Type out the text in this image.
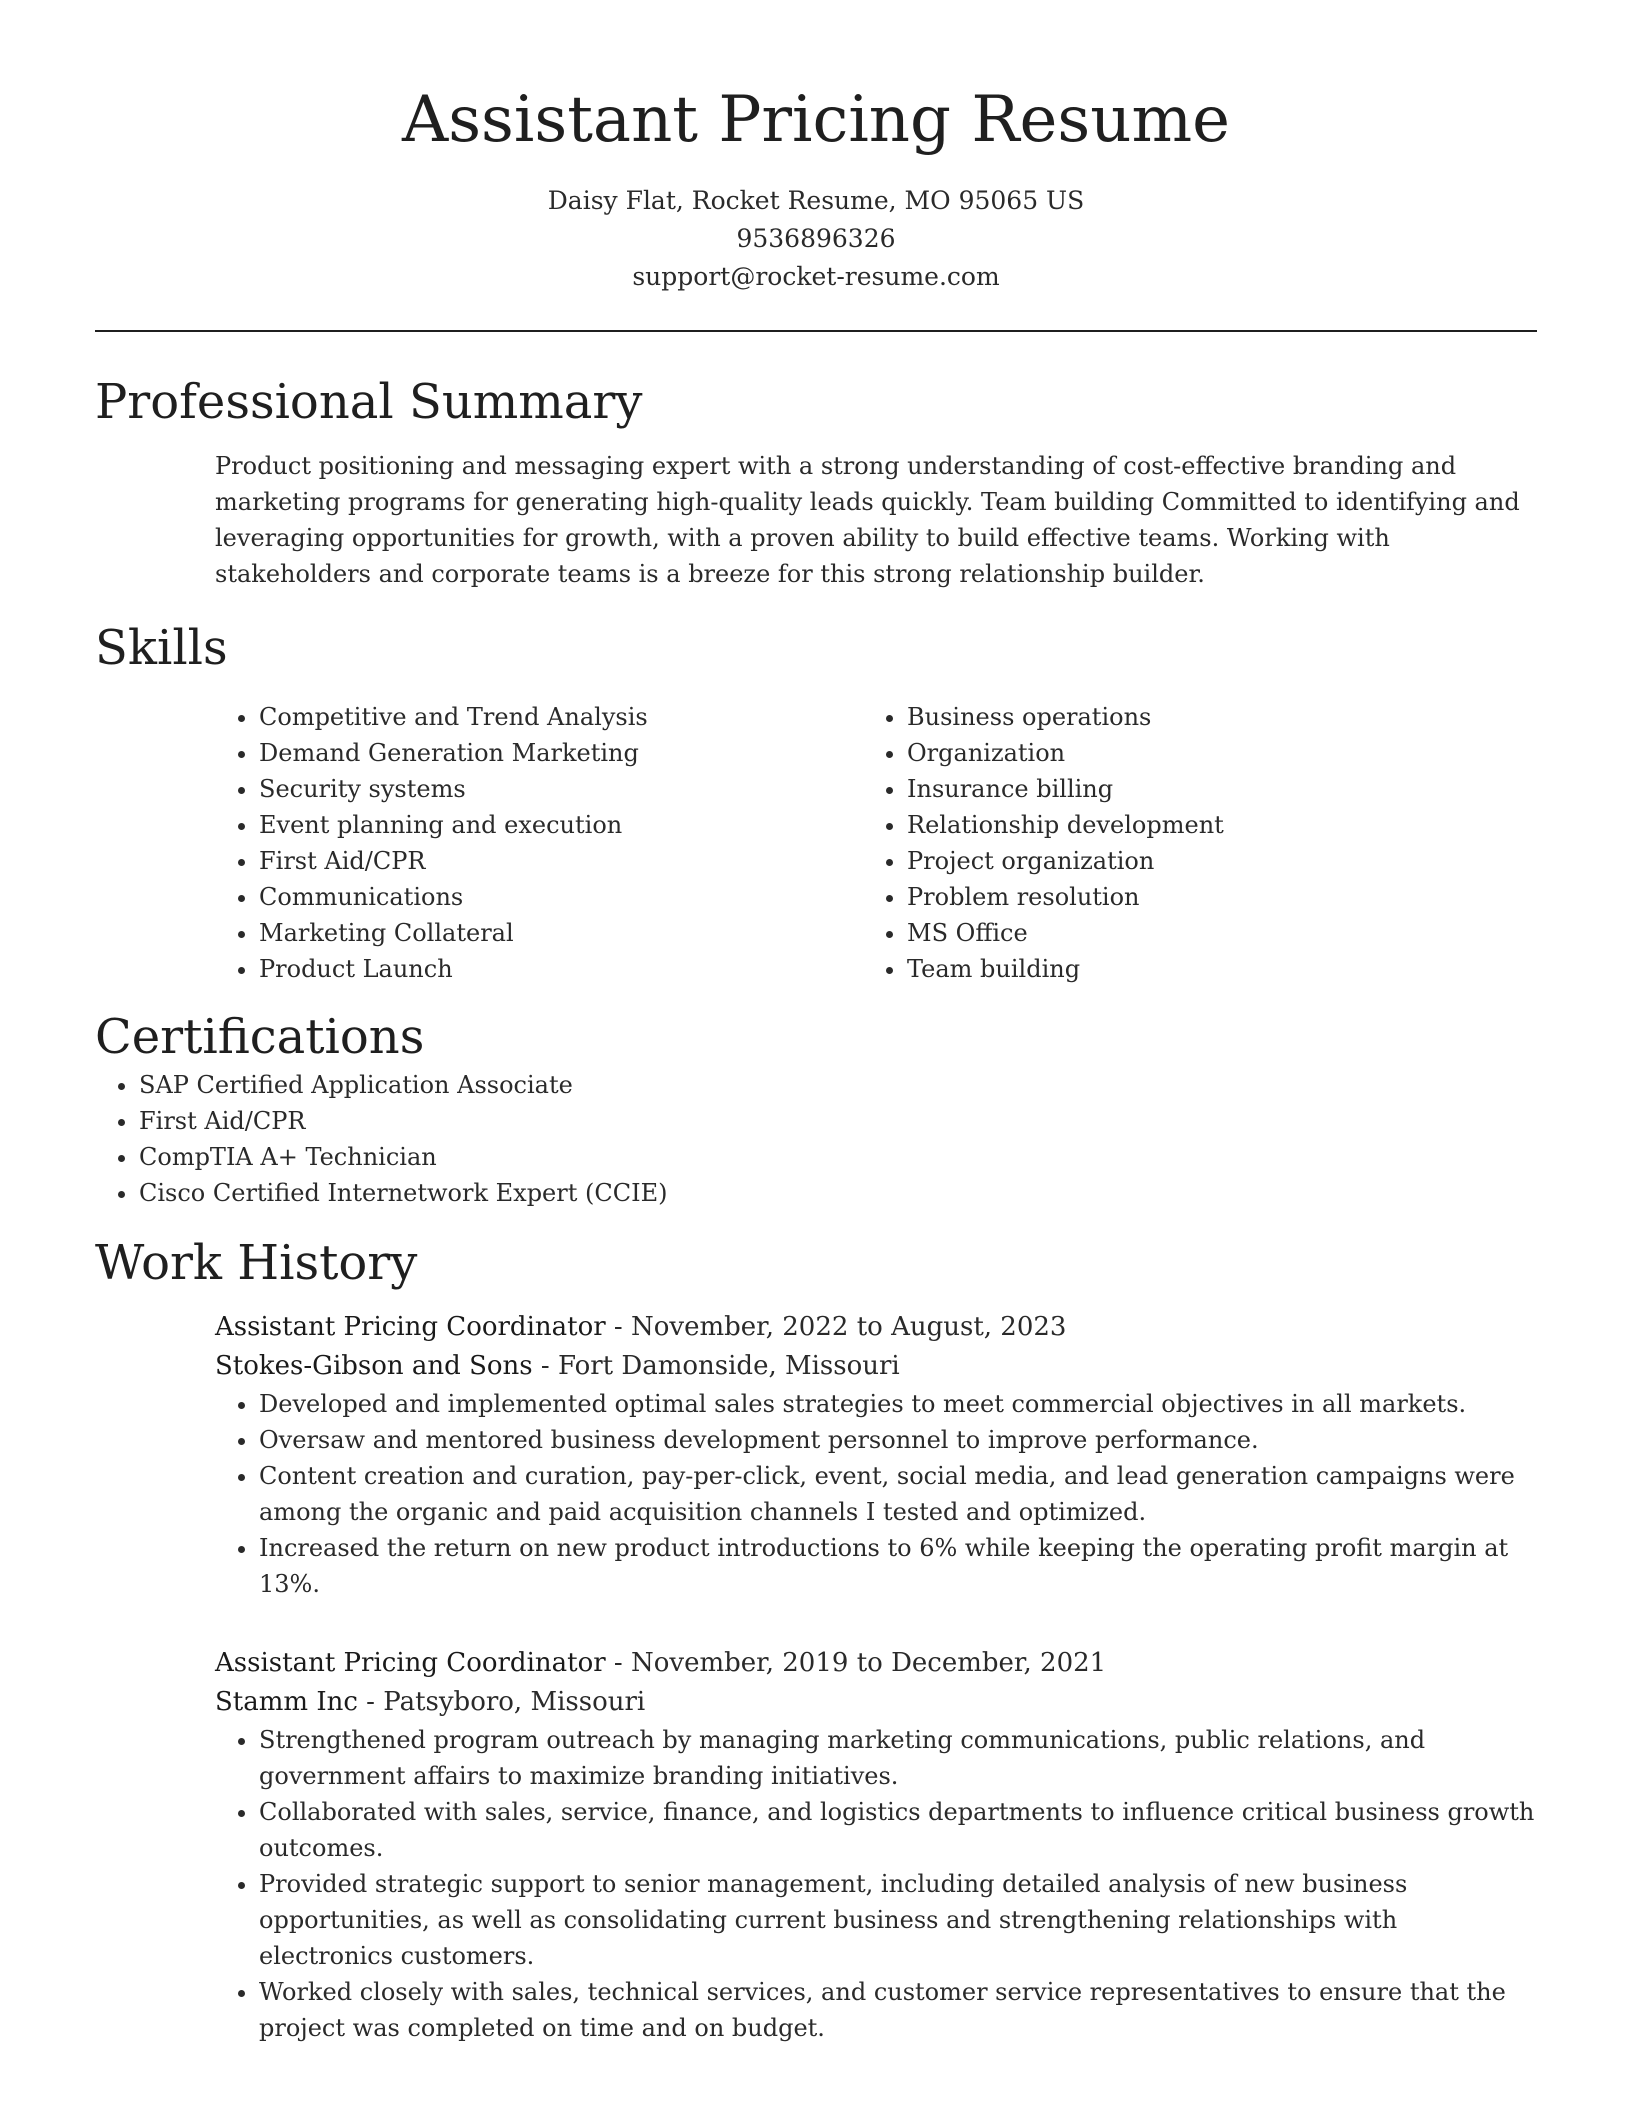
Assistant Pricing Resume
Daisy Flat, Rocket Resume, MO 95065 US
9536896326
support@rocket-resume.com
Professional Summary

Product positioning and messaging expert with a strong understanding of cost-effective branding and marketing programs for generating high-quality leads quickly. Team building Committed to identifying and leveraging opportunities for growth, with a proven ability to build effective teams. Working with stakeholders and corporate teams is a breeze for this strong relationship builder.

Skills
• Competitive and Trend Analysis
• Demand Generation Marketing
• Security systems
• Event planning and execution
• First Aid/CPR
• Communications
• Marketing Collateral
• Product Launch
• Business operations
• Organization
• Insurance billing
• Relationship development
• Project organization
• Problem resolution
• MS Office
• Team building
Certifications
• SAP Certified Application Associate
• First Aid/CPR
• CompTIA A+ Technician
• Cisco Certified Internetwork Expert (CCIE)
Work History
Assistant Pricing Coordinator - November, 2022 to August, 2023
Stokes-Gibson and Sons - Fort Damonside, Missouri
• Developed and implemented optimal sales strategies to meet commercial objectives in all markets.
• Oversaw and mentored business development personnel to improve performance.
• Content creation and curation, pay-per-click, event, social media, and lead generation campaigns were among the organic and paid acquisition channels I tested and optimized.
• Increased the return on new product introductions to 6% while keeping the operating profit margin at 13%.
Assistant Pricing Coordinator - November, 2019 to December, 2021
Stamm Inc - Patsyboro, Missouri
• Strengthened program outreach by managing marketing communications, public relations, and government affairs to maximize branding initiatives.
• Collaborated with sales, service, finance, and logistics departments to influence critical business growth outcomes.
• Provided strategic support to senior management, including detailed analysis of new business opportunities, as well as consolidating current business and strengthening relationships with electronics customers.
• Worked closely with sales, technical services, and customer service representatives to ensure that the project was completed on time and on budget.
